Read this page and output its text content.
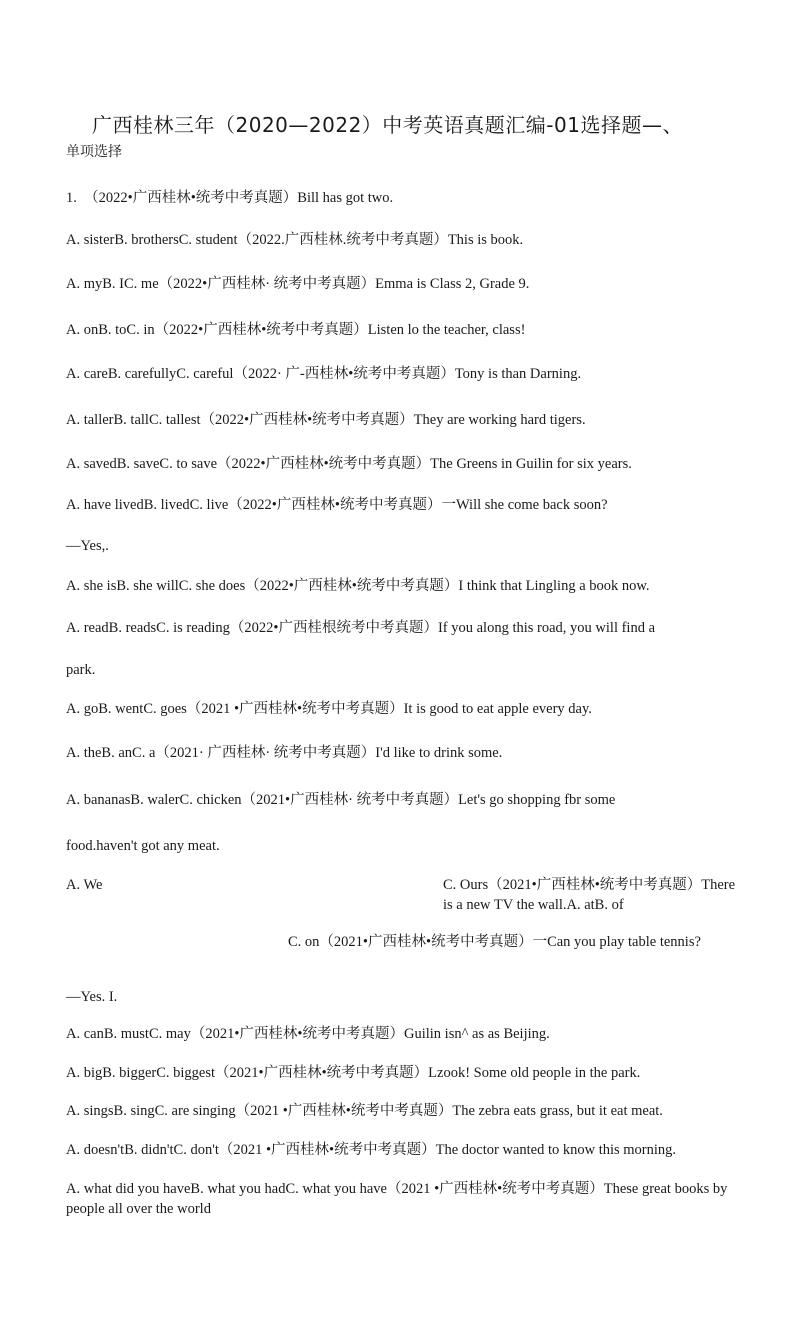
广西桂林三年（2020—2022）中考英语真题汇编-01选择题—、
单项选择
1.　（2022•广西桂林•统考中考真题）Bill has got two.
A. sisterB. brothersC. student（2022.广西桂林.统考中考真题）This is book.
A. myB. IC. me（2022•广西桂林· 统考中考真题）Emma is Class 2, Grade 9.
A. onB. toC. in（2022•广西桂林•统考中考真题）Listen lo the teacher, class!
A. careB. carefullyC. careful（2022· 广-西桂林•统考中考真题）Tony is than Darning.
A. tallerB. tallC. tallest（2022•广西桂林•统考中考真题）They are working hard tigers.
A. savedB. saveC. to save（2022•广西桂林•统考中考真题）The Greens in Guilin for six years.
A. have livedB. livedC. live（2022•广西桂林•统考中考真题）一Will she come back soon?
—Yes,.
A. she isB. she willC. she does（2022•广西桂林•统考中考真题）I think that Lingling a book now.
A. readB. readsC. is reading（2022•广西桂根统考中考真题）If you along this road, you will find a
park.
A. goB. wentC. goes（2021 •广西桂林•统考中考真题）It is good to eat apple every day.
A. theB. anC. a（2021· 广西桂林· 统考中考真题）I'd like to drink some.
A. bananasB. walerC. chicken（2021•广西桂林· 统考中考真题）Let's go shopping fbr some
food.haven't got any meat.
A. We	C. Ours（2021•广西桂林•统考中考真题）There is a new TV the wall.A. atB. of
C. on（2021•广西桂林•统考中考真题）一Can you play table tennis?
—Yes. I.
A. canB. mustC. may（2021•广西桂林•统考中考真题）Guilin isn^ as as Beijing.
A. bigB. biggerC. biggest（2021•广西桂林•统考中考真题）Lzook! Some old people in the park.
A. singsB. singC. are singing（2021 •广西桂林•统考中考真题）The zebra eats grass, but it eat meat.
A. doesn'tB. didn'tC. don't（2021 •广西桂林•统考中考真题）The doctor wanted to know this morning.
A. what did you haveB. what you hadC. what you have（2021 •广西桂林•统考中考真题）These great books by people all over the world
